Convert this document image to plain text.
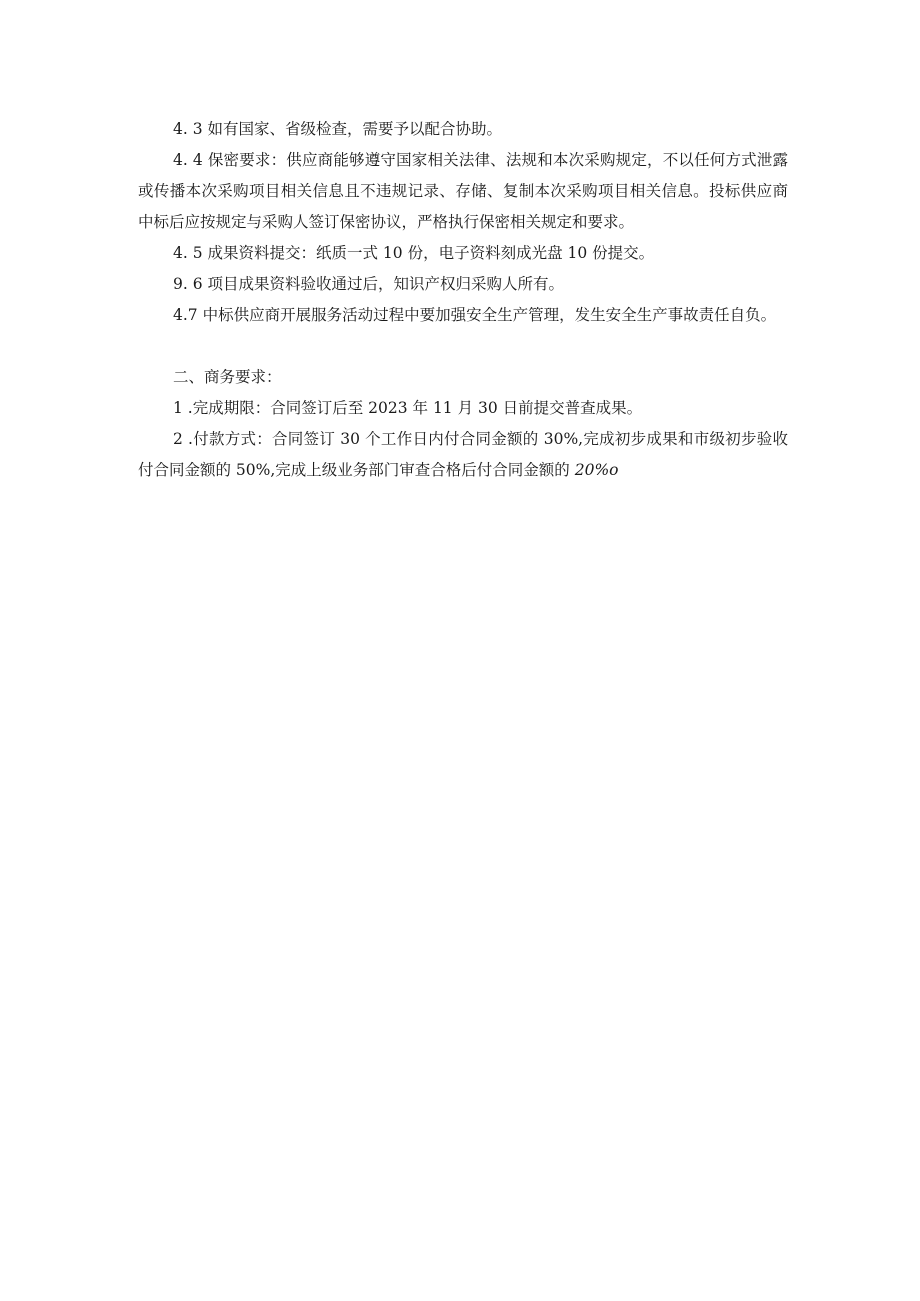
4. 3 如有国家、省级检查，需要予以配合协助。

4. 4 保密要求：供应商能够遵守国家相关法律、法规和本次采购规定，不以任何方式泄露或传播本次采购项目相关信息且不违规记录、存储、复制本次采购项目相关信息。投标供应商中标后应按规定与采购人签订保密协议，严格执行保密相关规定和要求。

4. 5 成果资料提交：纸质一式 10 份，电子资料刻成光盘 10 份提交。

9. 6 项目成果资料验收通过后，知识产权归采购人所有。

4.7 中标供应商开展服务活动过程中要加强安全生产管理，发生安全生产事故责任自负。

二、商务要求：

1 .完成期限：合同签订后至 2023 年 11 月 30 日前提交普查成果。

2 .付款方式：合同签订 30 个工作日内付合同金额的 30%,完成初步成果和市级初步验收付合同金额的 50%,完成上级业务部门审查合格后付合同金额的 20%o
